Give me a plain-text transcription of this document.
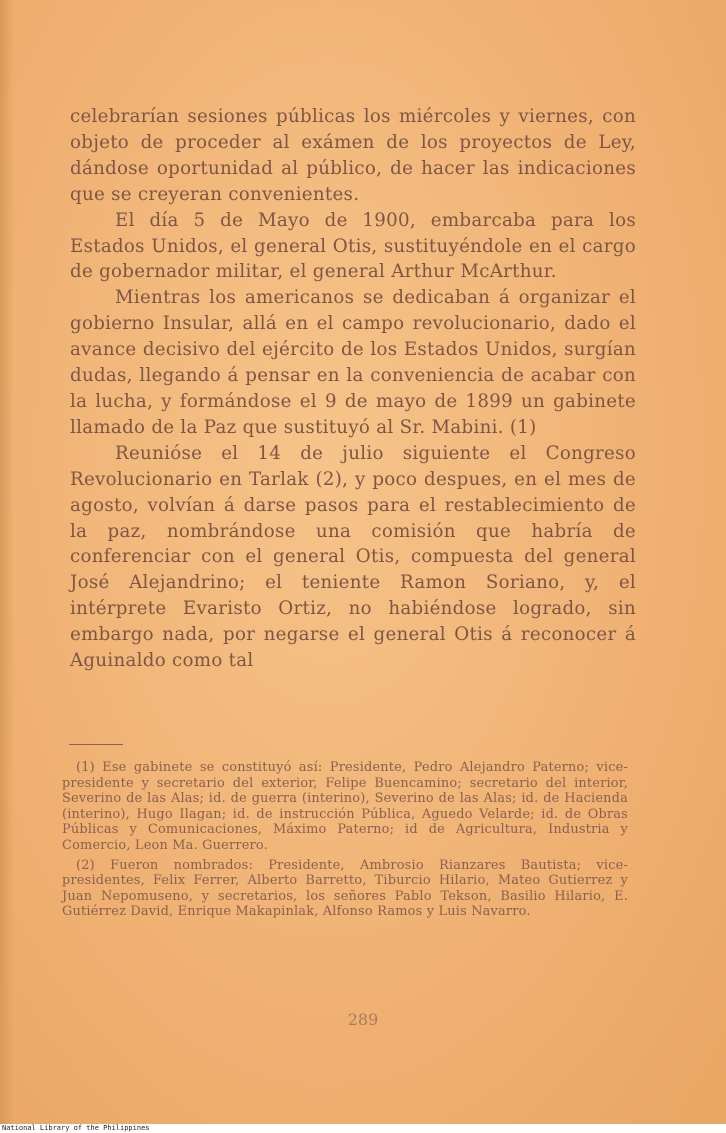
celebrarían sesiones públicas los miércoles y viernes, con objeto de proceder al exámen de los proyectos de Ley, dándose oportunidad al público, de hacer las indicaciones que se creyeran convenientes.

El día 5 de Mayo de 1900, embarcaba para los Estados Unidos, el general Otis, sustituyéndole en el cargo de gobernador militar, el general Arthur McArthur.

Mientras los americanos se dedicaban á organizar el gobierno Insular, allá en el campo revolucionario, dado el avance decisivo del ejército de los Estados Unidos, surgían dudas, llegando á pensar en la conveniencia de acabar con la lucha, y formándose el 9 de mayo de 1899 un gabinete llamado de la Paz que sustituyó al Sr. Mabini. (1)

Reunióse el 14 de julio siguiente el Congreso Revolucionario en Tarlak (2), y poco despues, en el mes de agosto, volvían á darse pasos para el restablecimiento de la paz, nombrándose una comisión que habría de conferenciar con el general Otis, compuesta del general José Alejandrino; el teniente Ramon Soriano, y, el intérprete Evaristo Ortiz, no habiéndose logrado, sin embargo nada, por negarse el general Otis á reconocer á Aguinaldo como tal

(1) Ese gabinete se constituyó así: Presidente, Pedro Alejandro Paterno; vice-presidente y secretario del exterior, Felipe Buencamino; secretario del interior, Severino de las Alas; id. de guerra (interino), Severino de las Alas; id. de Hacienda (interino), Hugo Ilagan; id. de instrucción Pública, Aguedo Velarde; id. de Obras Públicas y Comunicaciones, Máximo Paterno; id de Agricultura, Industria y Comercio, Leon Ma. Guerrero.

(2) Fueron nombrados: Presidente, Ambrosio Rianzares Bautista; vice-presidentes, Felix Ferrer, Alberto Barretto, Tiburcio Hilario, Mateo Gutierrez y Juan Nepomuseno, y secretarios, los señores Pablo Tekson, Basilio Hilario, E. Gutiérrez David, Enrique Makapinlak, Alfonso Ramos y Luis Navarro.

289
National Library of the Philippines
